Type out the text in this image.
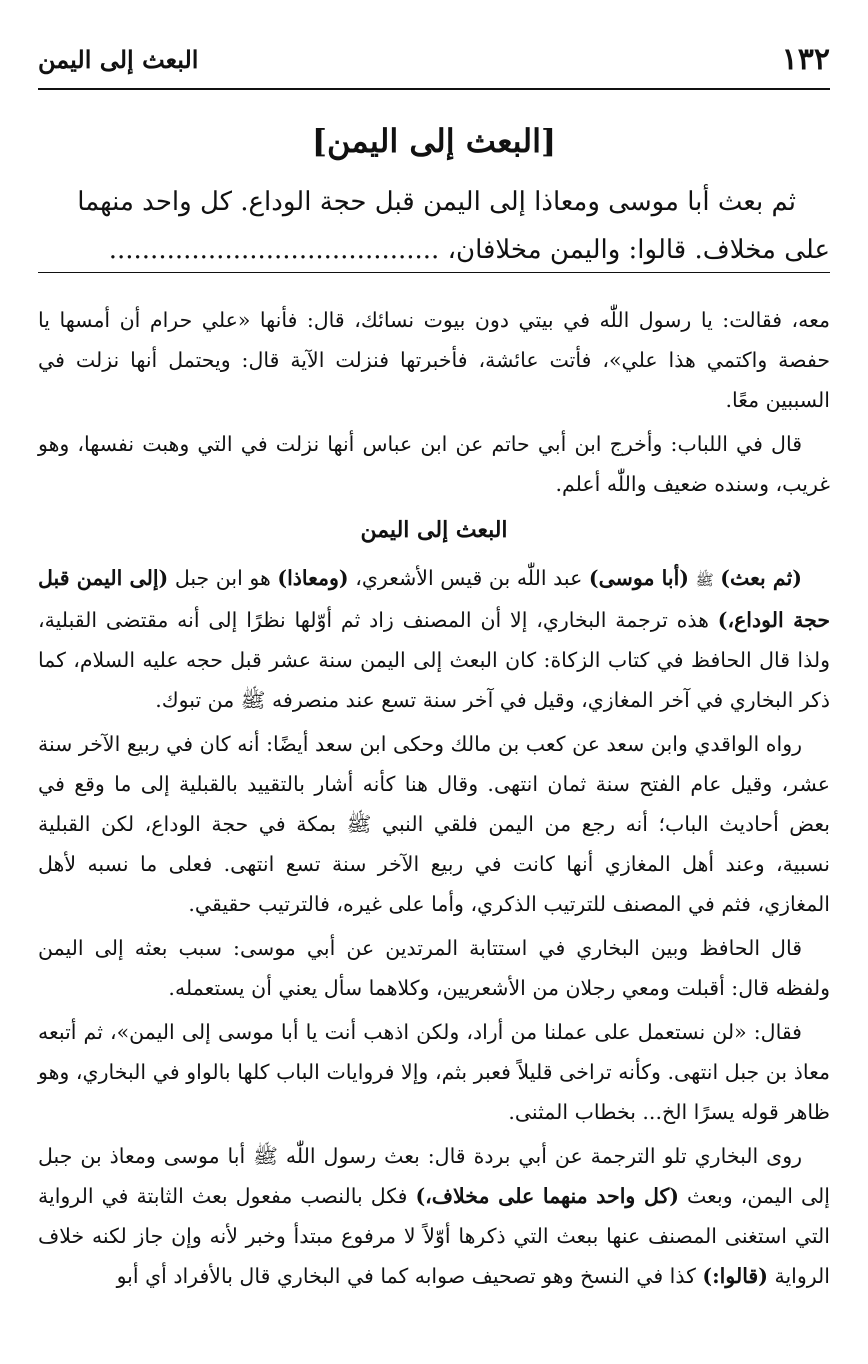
١٣٢
البعث إلى اليمن
[البعث إلى اليمن]

ثم بعث أبا موسى ومعاذا إلى اليمن قبل حجة الوداع. كل واحد منهما

على مخلاف. قالوا: واليمن مخلافان، ........................................

معه، فقالت: يا رسول اللّٰه في بيتي دون بيوت نسائك، قال: فأنها «علي حرام أن أمسها يا حفصة واكتمي هذا علي»، فأتت عائشة، فأخبرتها فنزلت الآية قال: ويحتمل أنها نزلت في السببين معًا.

قال في اللباب: وأخرج ابن أبي حاتم عن ابن عباس أنها نزلت في التي وهبت نفسها، وهو غريب، وسنده ضعيف واللّٰه أعلم.

البعث إلى اليمن

(ثم بعث) ﷺ (أبا موسى) عبد اللّٰه بن قيس الأشعري، (ومعاذا) هو ابن جبل (إلى اليمن قبل حجة الوداع،) هذه ترجمة البخاري، إلا أن المصنف زاد ثم أوّلها نظرًا إلى أنه مقتضى القبلية، ولذا قال الحافظ في كتاب الزكاة: كان البعث إلى اليمن سنة عشر قبل حجه عليه السلام، كما ذكر البخاري في آخر المغازي، وقيل في آخر سنة تسع عند منصرفه ﷺ من تبوك.

رواه الواقدي وابن سعد عن كعب بن مالك وحكى ابن سعد أيضًا: أنه كان في ربيع الآخر سنة عشر، وقيل عام الفتح سنة ثمان انتهى. وقال هنا كأنه أشار بالتقييد بالقبلية إلى ما وقع في بعض أحاديث الباب؛ أنه رجع من اليمن فلقي النبي ﷺ بمكة في حجة الوداع، لكن القبلية نسبية، وعند أهل المغازي أنها كانت في ربيع الآخر سنة تسع انتهى. فعلى ما نسبه لأهل المغازي، فثم في المصنف للترتيب الذكري، وأما على غيره، فالترتيب حقيقي.

قال الحافظ وبين البخاري في استتابة المرتدين عن أبي موسى: سبب بعثه إلى اليمن ولفظه قال: أقبلت ومعي رجلان من الأشعريين، وكلاهما سأل يعني أن يستعمله.

فقال: «لن نستعمل على عملنا من أراد، ولكن اذهب أنت يا أبا موسى إلى اليمن»، ثم أتبعه معاذ بن جبل انتهى. وكأنه تراخى قليلاً فعبر بثم، وإلا فروايات الباب كلها بالواو في البخاري، وهو ظاهر قوله يسرًا الخ... بخطاب المثنى.

روى البخاري تلو الترجمة عن أبي بردة قال: بعث رسول اللّٰه ﷺ أبا موسى ومعاذ بن جبل إلى اليمن، وبعث (كل واحد منهما على مخلاف،) فكل بالنصب مفعول بعث الثابتة في الرواية التي استغنى المصنف عنها ببعث التي ذكرها أوّلاً لا مرفوع مبتدأ وخبر لأنه وإن جاز لكنه خلاف الرواية (قالوا:) كذا في النسخ وهو تصحيف صوابه كما في البخاري قال بالأفراد أي أبو
